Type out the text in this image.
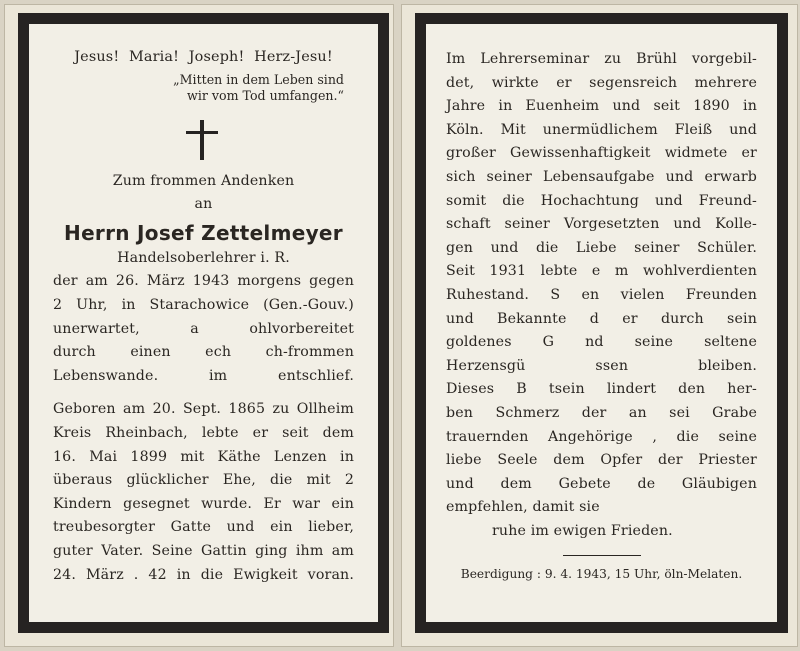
Jesus! Maria! Joseph! Herz-Jesu!
„Mitten in dem Leben sind
wir vom Tod umfangen.“
Zum frommen Andenken
an
Herrn Josef Zettelmeyer
Handelsoberlehrer i. R.
der am 26. März 1943 morgens gegen
2 Uhr, in Starachowice (Gen.-Gouv.)
unerwartet, a ohlvorbereitet
durch einen ech ch-frommen
Lebenswande. im entschlief.
Geboren am 20. Sept. 1865 zu Ollheim
Kreis Rheinbach, lebte er seit dem
16. Mai 1899 mit Käthe Lenzen in
überaus glücklicher Ehe, die mit 2
Kindern gesegnet wurde. Er war ein
treubesorgter Gatte und ein lieber,
guter Vater. Seine Gattin ging ihm am
24. März . 42 in die Ewigkeit voran.
Im Lehrerseminar zu Brühl vorgebil-
det, wirkte er segensreich mehrere
Jahre in Euenheim und seit 1890 in
Köln. Mit unermüdlichem Fleiß und
großer Gewissenhaftigkeit widmete er
sich seiner Lebensaufgabe und erwarb
somit die Hochachtung und Freund-
schaft seiner Vorgesetzten und Kolle-
gen und die Liebe seiner Schüler.
Seit 1931 lebte e m wohlverdienten
Ruhestand. S en vielen Freunden
und Bekannte d er durch sein
goldenes G nd seine seltene
Herzensgü ssen bleiben.
Dieses B tsein lindert den her-
ben Schmerz der an sei Grabe
trauernden Angehörige , die seine
liebe Seele dem Opfer der Priester
und dem Gebete de Gläubigen
empfehlen, damit sie
ruhe im ewigen Frieden.
Beerdigung : 9. 4. 1943, 15 Uhr, öln-Melaten.
